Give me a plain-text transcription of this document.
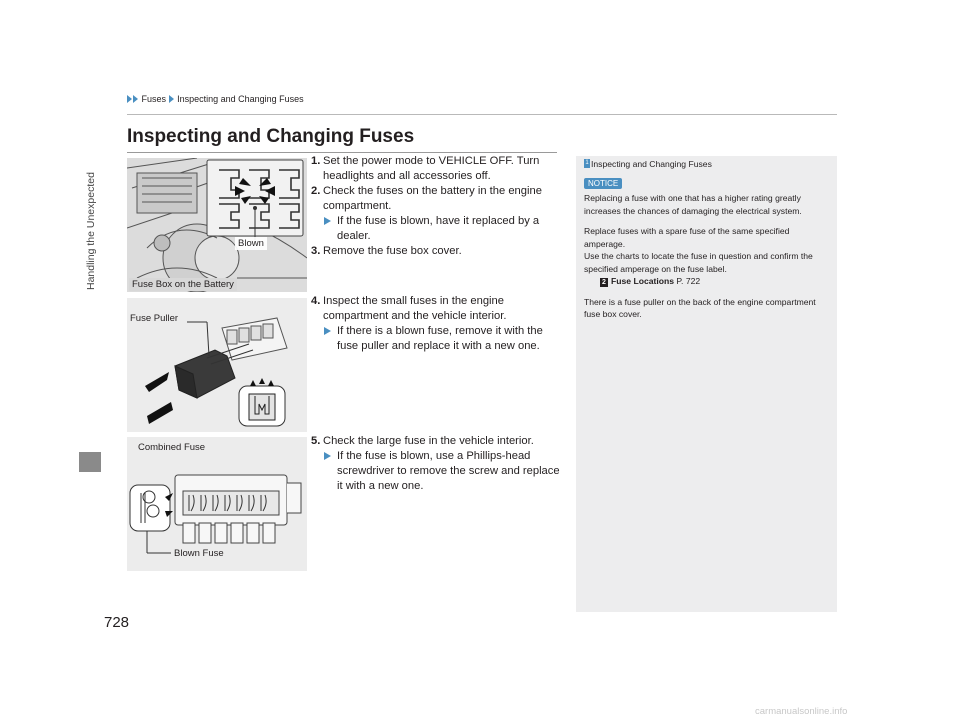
Handling the Unexpected
Fuses Inspecting and Changing Fuses
Inspecting and Changing Fuses
Blown
Fuse Box on the Battery
Fuse Puller
Combined Fuse
Blown Fuse
1. Set the power mode to VEHICLE OFF. Turn headlights and all accessories off.
2. Check the fuses on the battery in the engine compartment.
If the fuse is blown, have it replaced by a dealer.
3. Remove the fuse box cover.
4. Inspect the small fuses in the engine compartment and the vehicle interior.
If there is a blown fuse, remove it with the fuse puller and replace it with a new one.
5. Check the large fuse in the vehicle interior.
If the fuse is blown, use a Phillips-head screwdriver to remove the screw and replace it with a new one.
1 Inspecting and Changing Fuses
NOTICE

Replacing a fuse with one that has a higher rating greatly increases the chances of damaging the electrical system.

Replace fuses with a spare fuse of the same specified amperage.

Use the charts to locate the fuse in question and confirm the specified amperage on the fuse label.

2 Fuse Locations P. 722

There is a fuse puller on the back of the engine compartment fuse box cover.

728
carmanualsonline.info
